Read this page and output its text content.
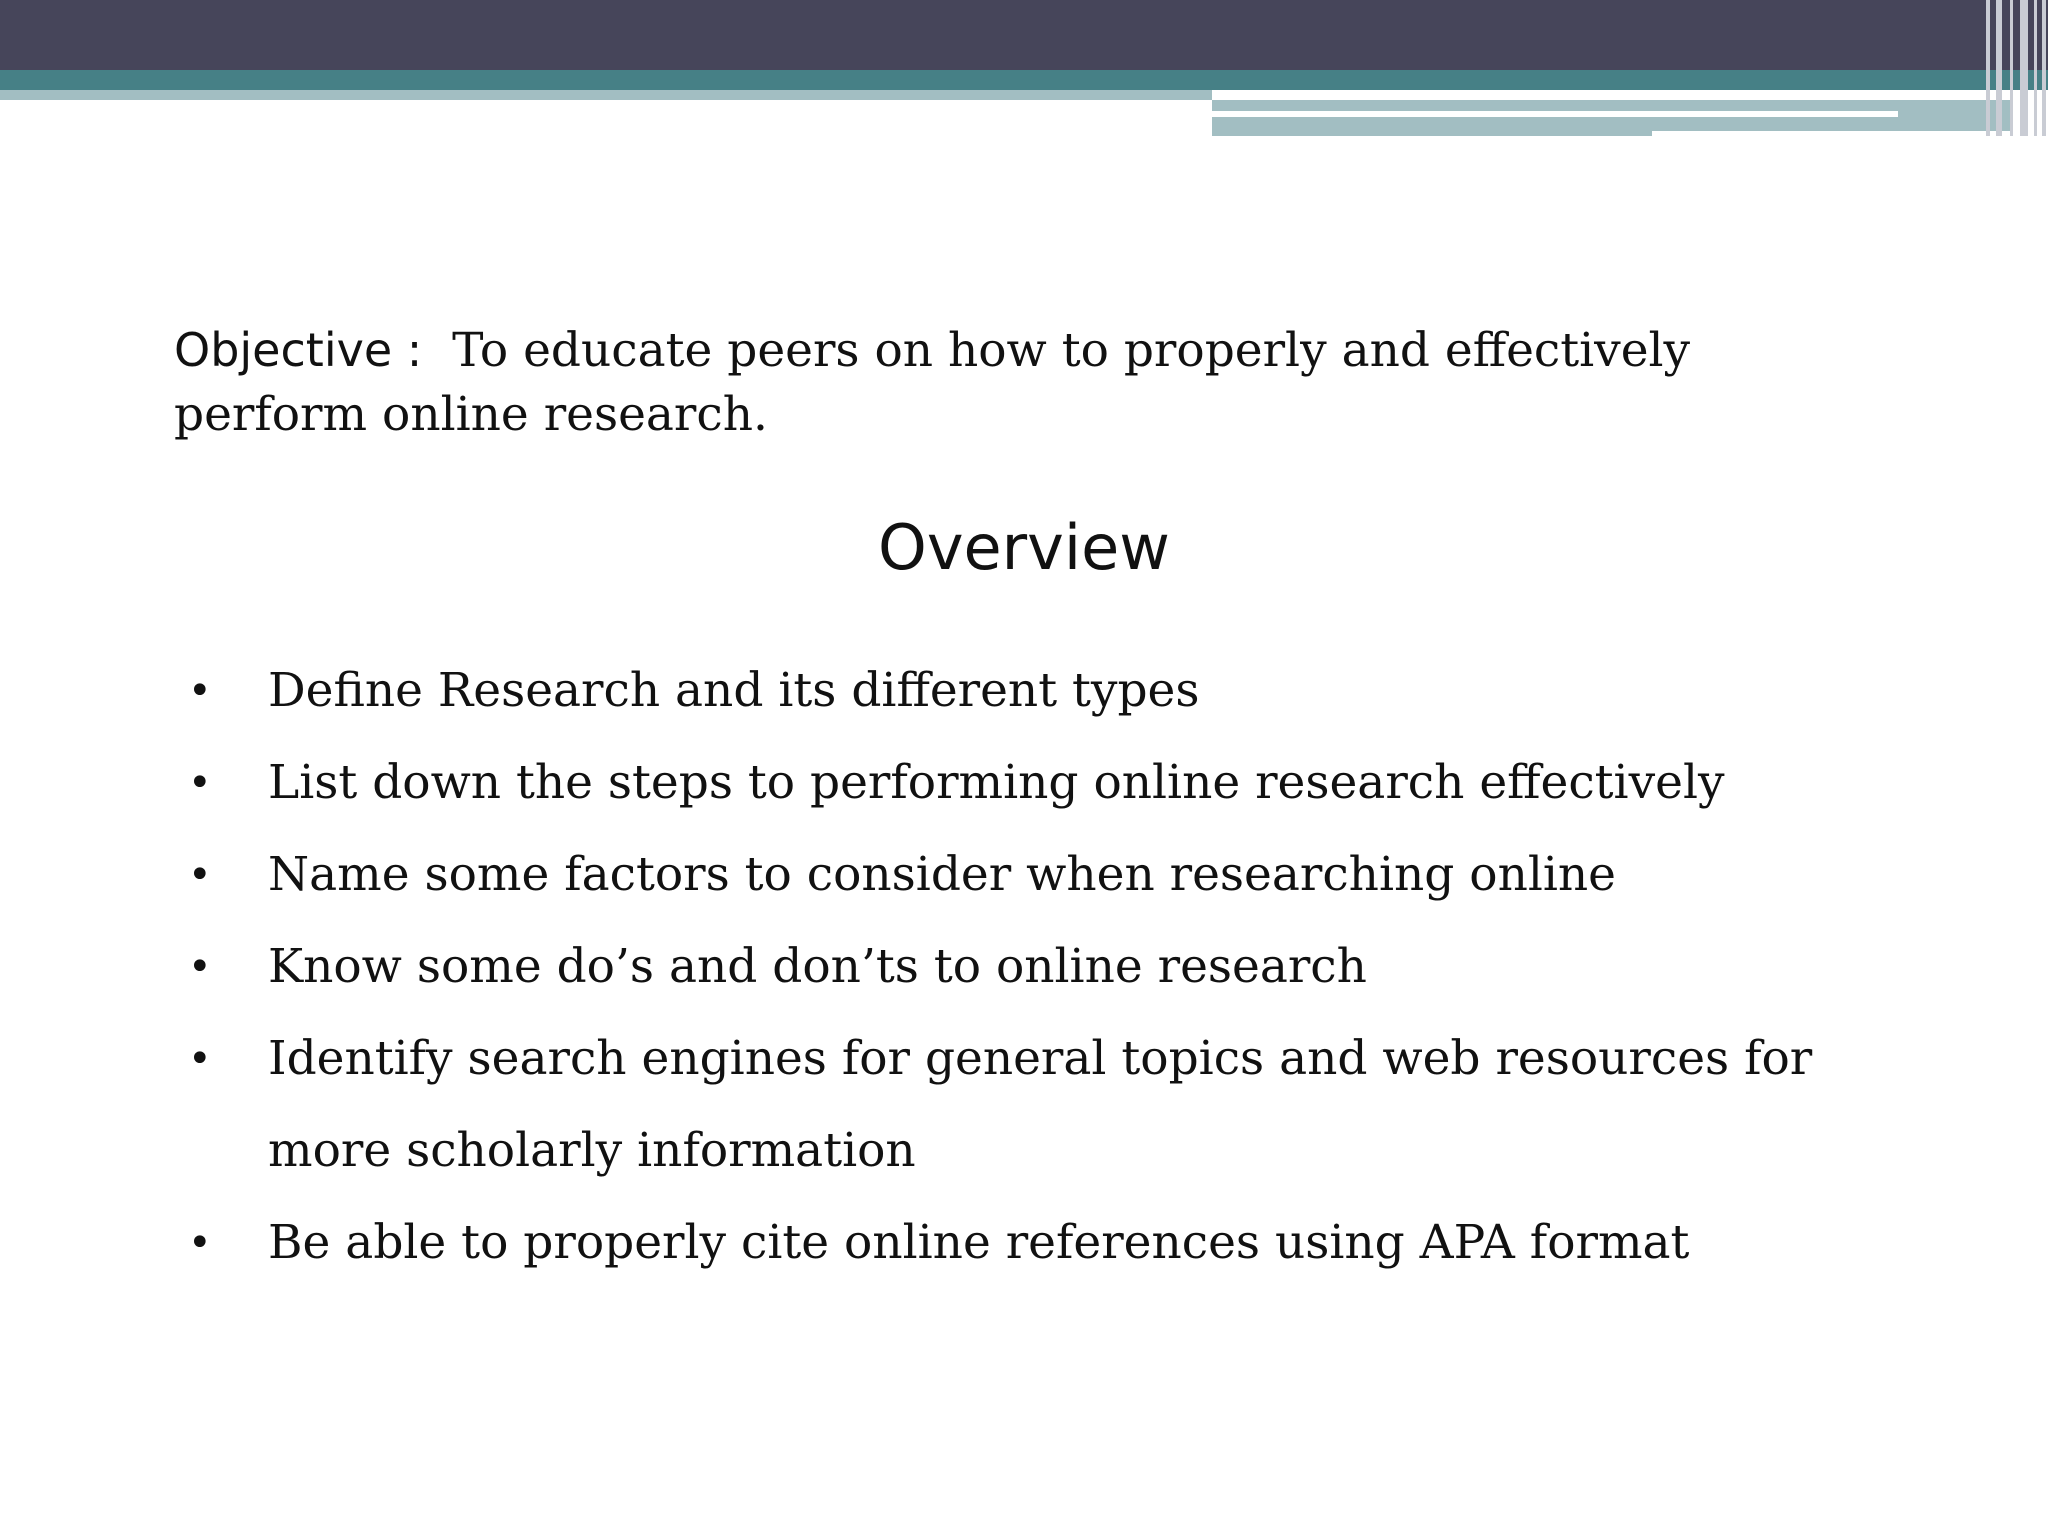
Objective : To educate peers on how to properly and effectively perform online research.
Overview
• Define Research and its different types
• List down the steps to performing online research effectively
• Name some factors to consider when researching online
• Know some do’s and don’ts to online research
• Identify search engines for general topics and web resources for more scholarly information
• Be able to properly cite online references using APA format
